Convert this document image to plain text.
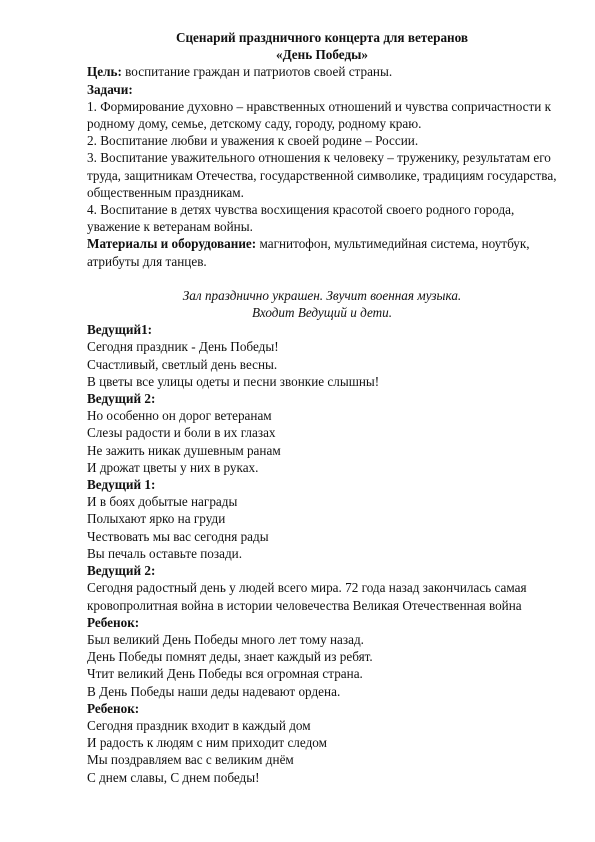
Сценарий праздничного концерта для ветеранов
«День Победы»
Цель: воспитание граждан и патриотов своей страны.
Задачи:
1. Формирование духовно – нравственных отношений и чувства сопричастности к родному дому, семье, детскому саду, городу, родному краю.
2. Воспитание любви и уважения к своей родине – России.
3. Воспитание уважительного отношения к человеку – труженику, результатам его труда, защитникам Отечества, государственной символике, традициям государства, общественным праздникам.
4. Воспитание в детях чувства восхищения красотой своего родного города, уважение к ветеранам войны.
Материалы и оборудование: магнитофон, мультимедийная система, ноутбук, атрибуты для танцев.
Зал празднично украшен. Звучит военная музыка.
Входит Ведущий и дети.
Ведущий1:
Сегодня праздник - День Победы!
Счастливый, светлый день весны.
В цветы все улицы одеты и песни звонкие слышны!
Ведущий 2:
Но особенно он дорог ветеранам
Слезы радости и боли в их глазах
Не зажить никак душевным ранам
И дрожат цветы у них в руках.
Ведущий 1:
И в боях добытые награды
Полыхают ярко на груди
Чествовать мы вас сегодня рады
Вы печаль оставьте позади.
Ведущий 2:
Сегодня радостный день у людей всего мира. 72 года назад закончилась самая кровопролитная война в истории человечества Великая Отечественная война
Ребенок:
Был великий День Победы много лет тому назад.
День Победы помнят деды, знает каждый из ребят.
Чтит великий День Победы вся огромная страна.
В День Победы наши деды надевают ордена.
Ребенок:
Сегодня праздник входит в каждый дом
И радость к людям с ним приходит следом
Мы поздравляем вас с великим днём
С днем славы, С днем победы!
